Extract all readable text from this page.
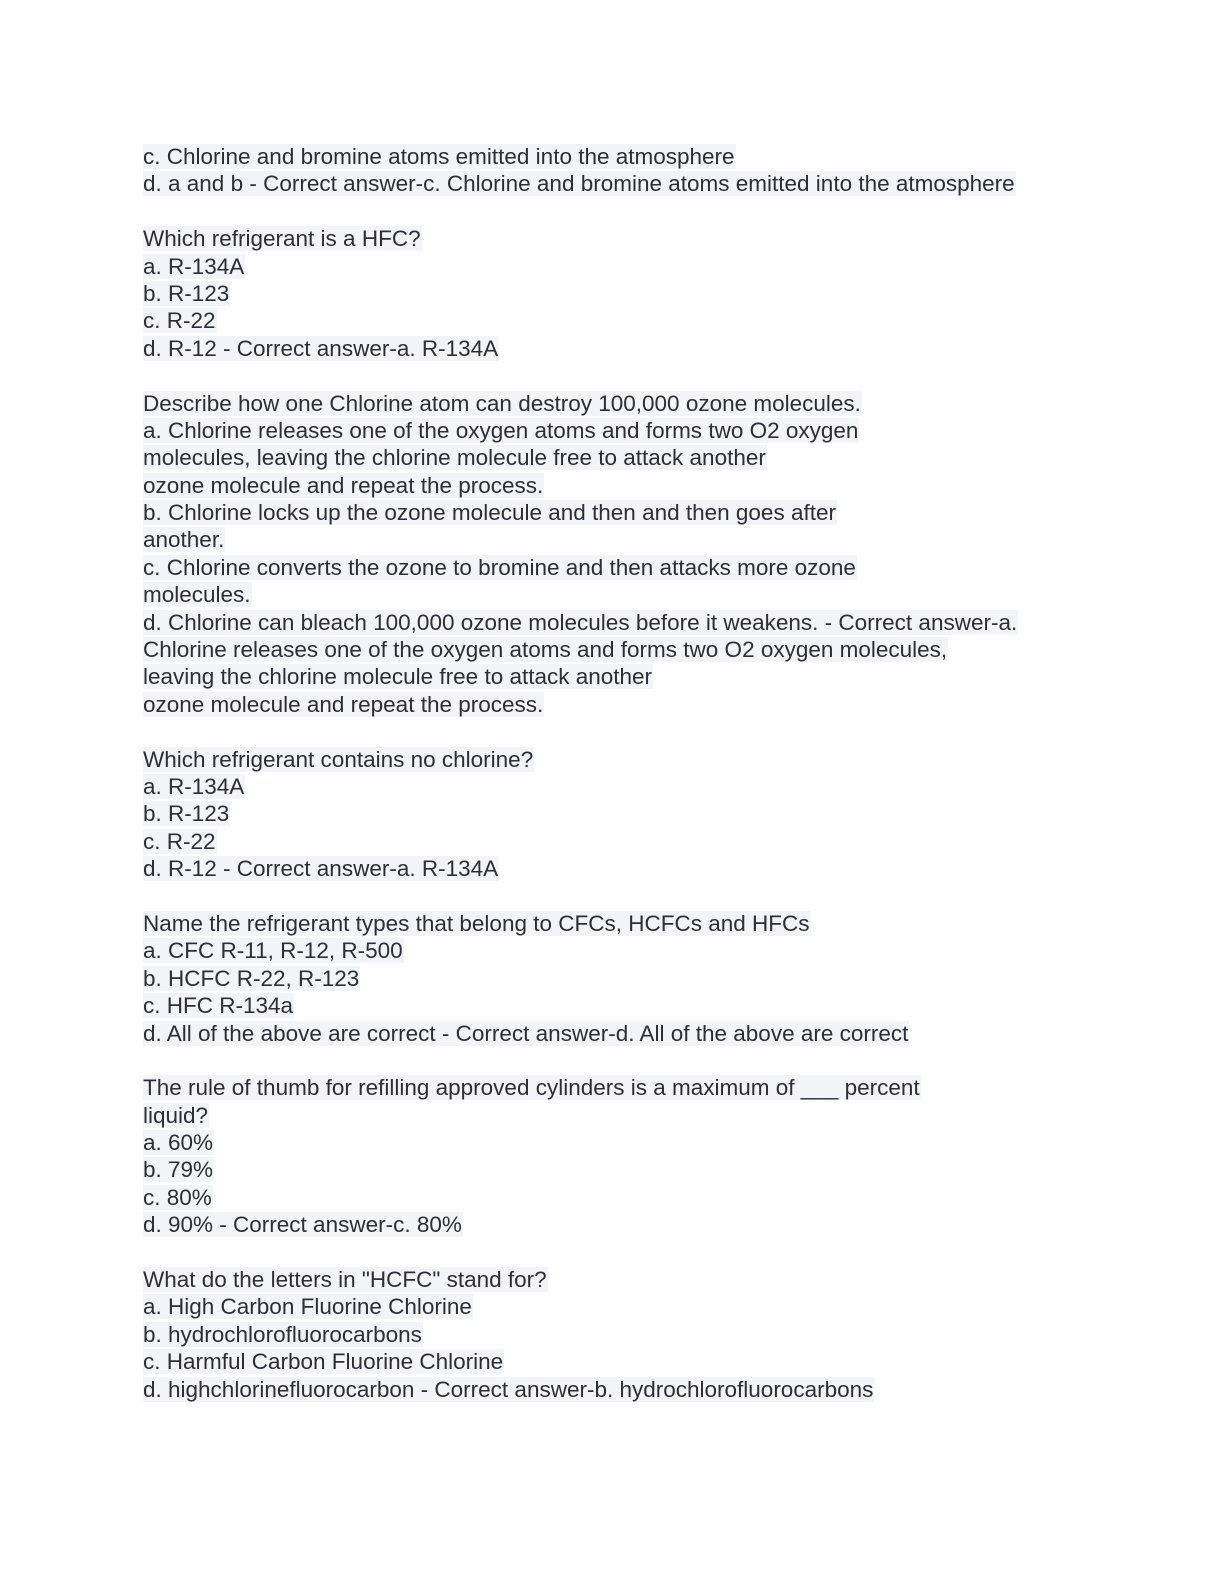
c. Chlorine and bromine atoms emitted into the atmosphere
d. a and b - Correct answer-c. Chlorine and bromine atoms emitted into the atmosphere
Which refrigerant is a HFC?
a. R-134A
b. R-123
c. R-22
d. R-12 - Correct answer-a. R-134A
Describe how one Chlorine atom can destroy 100,000 ozone molecules.
a. Chlorine releases one of the oxygen atoms and forms two O2 oxygen
molecules, leaving the chlorine molecule free to attack another
ozone molecule and repeat the process.
b. Chlorine locks up the ozone molecule and then and then goes after
another.
c. Chlorine converts the ozone to bromine and then attacks more ozone
molecules.
d. Chlorine can bleach 100,000 ozone molecules before it weakens. - Correct answer-a.
Chlorine releases one of the oxygen atoms and forms two O2 oxygen molecules,
leaving the chlorine molecule free to attack another
ozone molecule and repeat the process.
Which refrigerant contains no chlorine?
a. R-134A
b. R-123
c. R-22
d. R-12 - Correct answer-a. R-134A
Name the refrigerant types that belong to CFCs, HCFCs and HFCs
a. CFC R-11, R-12, R-500
b. HCFC R-22, R-123
c. HFC R-134a
d. All of the above are correct - Correct answer-d. All of the above are correct
The rule of thumb for refilling approved cylinders is a maximum of ___ percent
liquid?
a. 60%
b. 79%
c. 80%
d. 90% - Correct answer-c. 80%
What do the letters in "HCFC" stand for?
a. High Carbon Fluorine Chlorine
b. hydrochlorofluorocarbons
c. Harmful Carbon Fluorine Chlorine
d. highchlorinefluorocarbon - Correct answer-b. hydrochlorofluorocarbons
